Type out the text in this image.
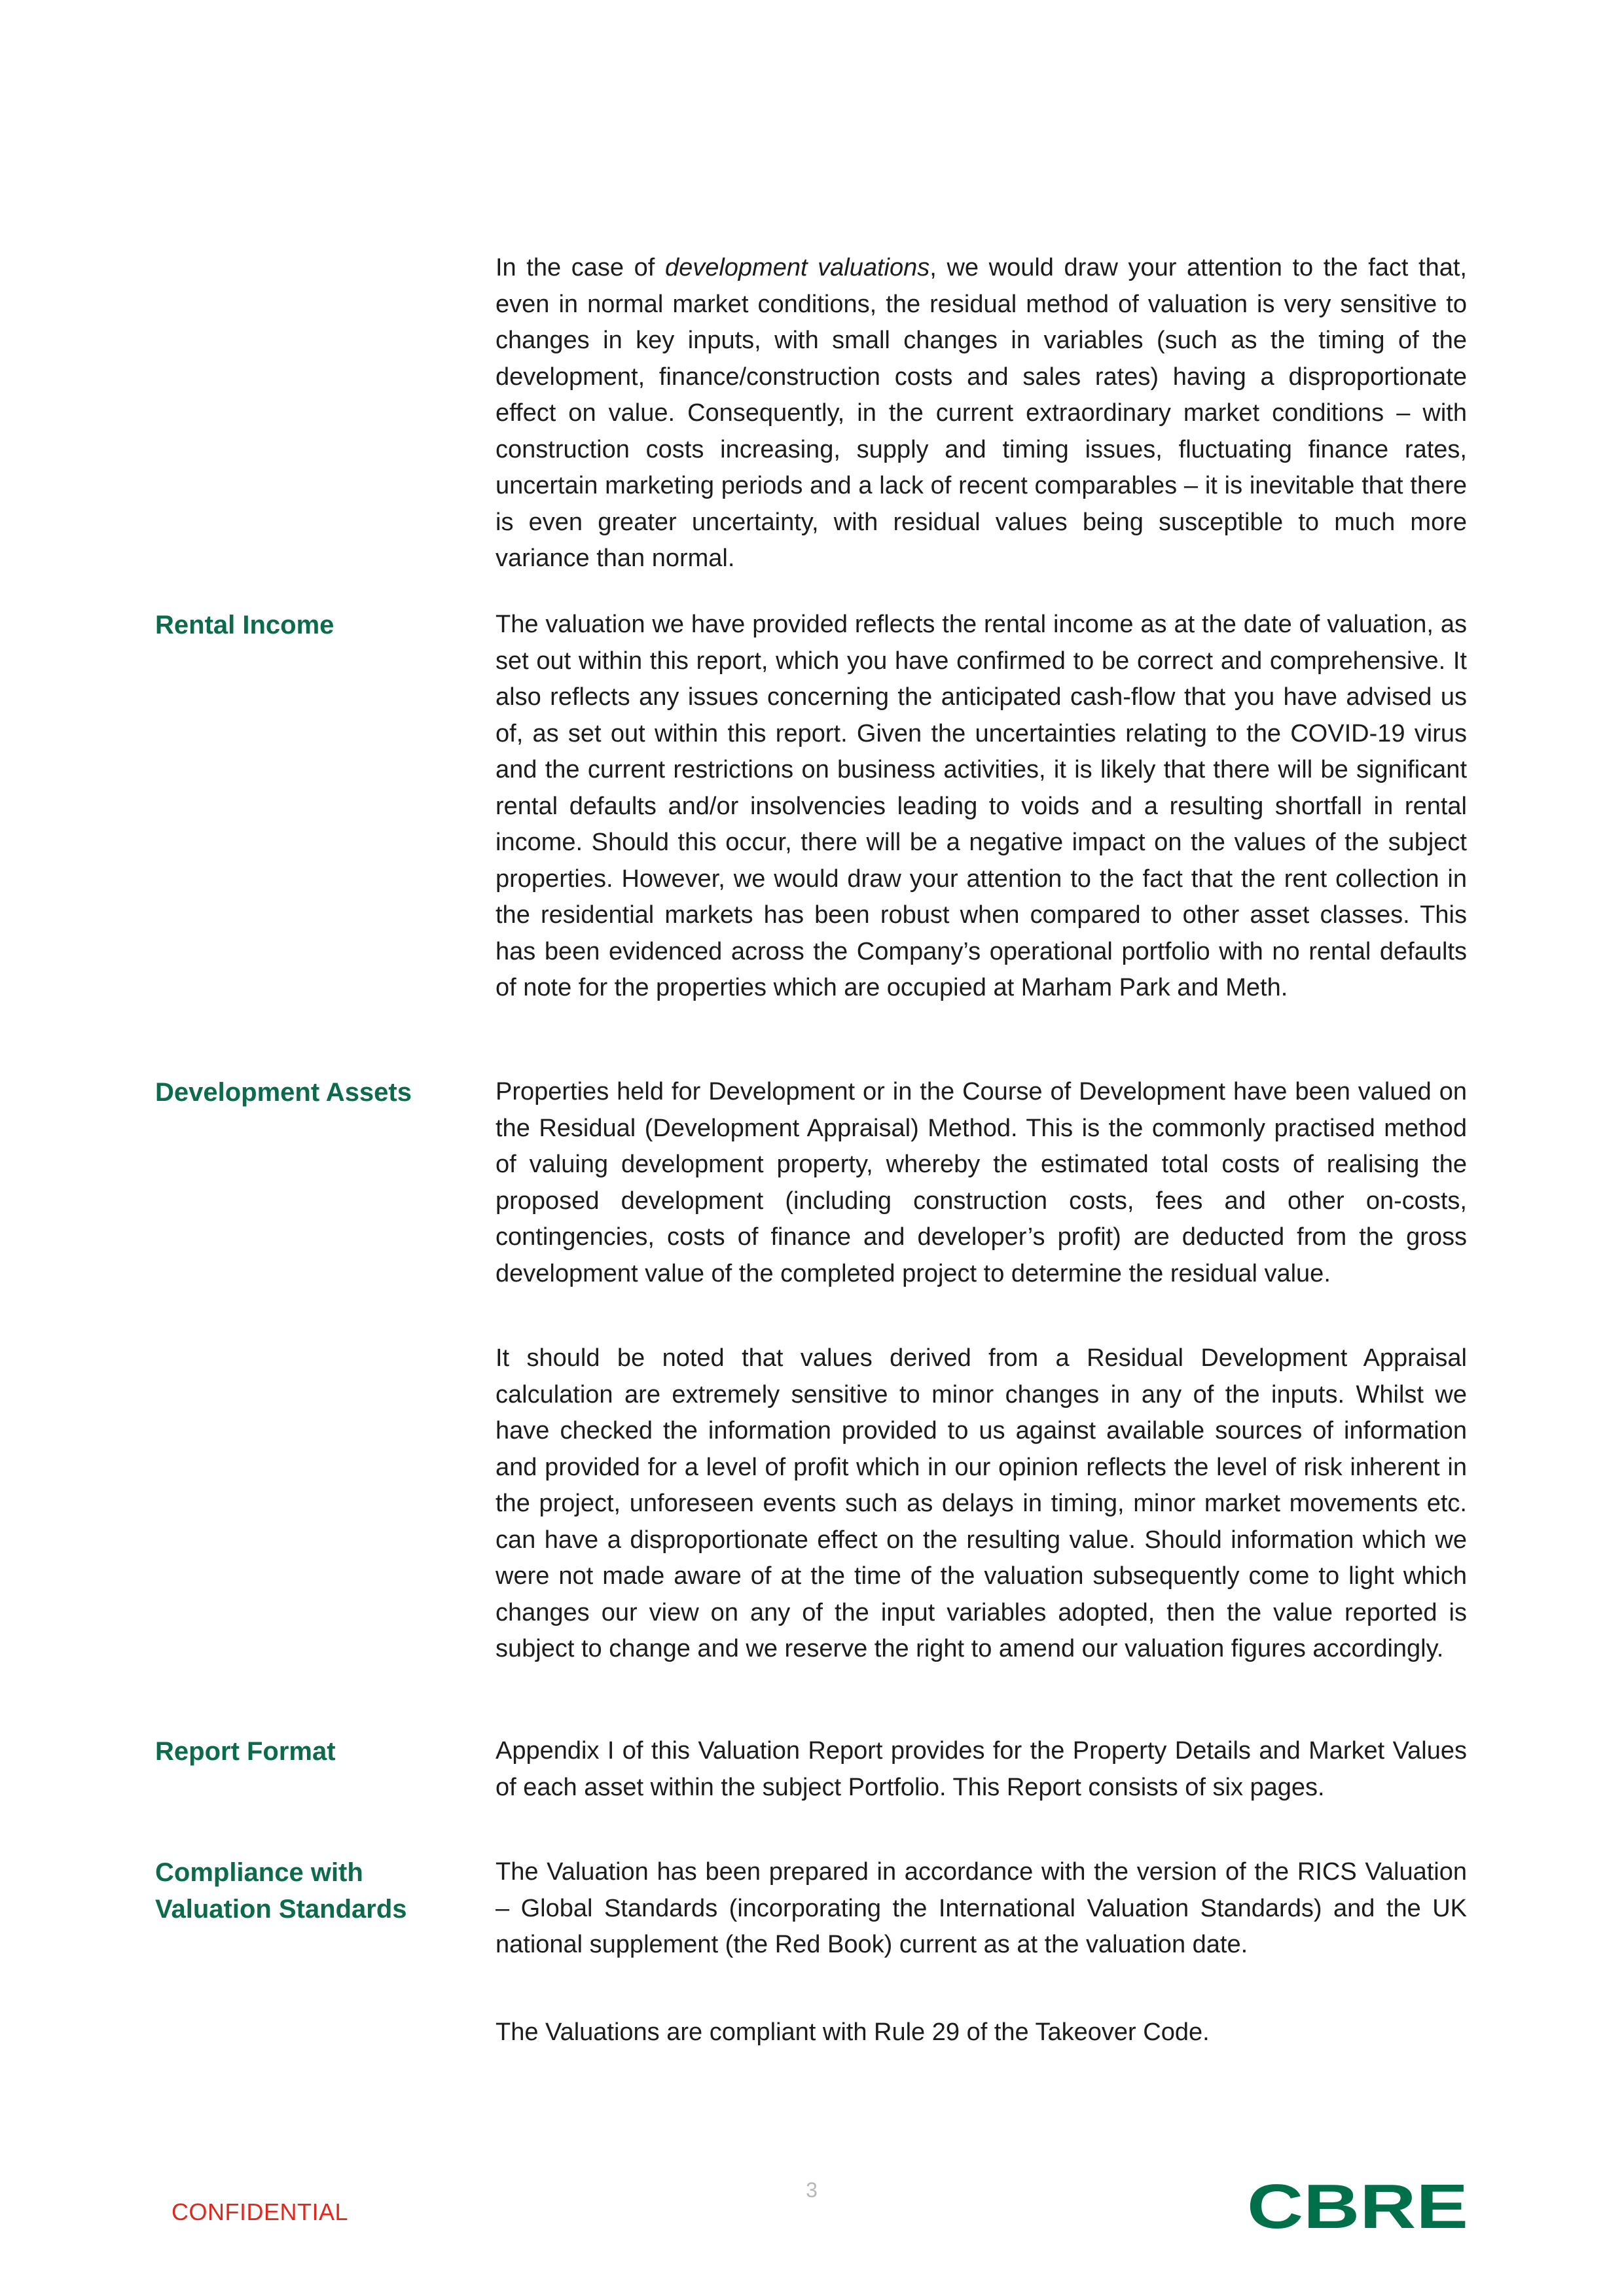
In the case of development valuations, we would draw your attention to the fact that, even in normal market conditions, the residual method of valuation is very sensitive to changes in key inputs, with small changes in variables (such as the timing of the development, finance/construction costs and sales rates) having a disproportionate effect on value. Consequently, in the current extraordinary market conditions – with construction costs increasing, supply and timing issues, fluctuating finance rates, uncertain marketing periods and a lack of recent comparables – it is inevitable that there is even greater uncertainty, with residual values being susceptible to much more variance than normal.

Rental Income	The valuation we have provided reflects the rental income as at the date of valuation, as set out within this report, which you have confirmed to be correct and comprehensive. It also reflects any issues concerning the anticipated cash-flow that you have advised us of, as set out within this report. Given the uncertainties relating to the COVID-19 virus and the current restrictions on business activities, it is likely that there will be significant rental defaults and/or insolvencies leading to voids and a resulting shortfall in rental income. Should this occur, there will be a negative impact on the values of the subject properties. However, we would draw your attention to the fact that the rent collection in the residential markets has been robust when compared to other asset classes. This has been evidenced across the Company’s operational portfolio with no rental defaults of note for the properties which are occupied at Marham Park and Meth.

Development Assets	Properties held for Development or in the Course of Development have been valued on the Residual (Development Appraisal) Method. This is the commonly practised method of valuing development property, whereby the estimated total costs of realising the proposed development (including construction costs, fees and other on-costs, contingencies, costs of finance and developer’s profit) are deducted from the gross development value of the completed project to determine the residual value.

It should be noted that values derived from a Residual Development Appraisal calculation are extremely sensitive to minor changes in any of the inputs. Whilst we have checked the information provided to us against available sources of information and provided for a level of profit which in our opinion reflects the level of risk inherent in the project, unforeseen events such as delays in timing, minor market movements etc. can have a disproportionate effect on the resulting value. Should information which we were not made aware of at the time of the valuation subsequently come to light which changes our view on any of the input variables adopted, then the value reported is subject to change and we reserve the right to amend our valuation figures accordingly.

Report Format	Appendix I of this Valuation Report provides for the Property Details and Market Values of each asset within the subject Portfolio. This Report consists of six pages.

Compliance with Valuation Standards

The Valuation has been prepared in accordance with the version of the RICS Valuation – Global Standards (incorporating the International Valuation Standards) and the UK national supplement (the Red Book) current as at the valuation date.

The Valuations are compliant with Rule 29 of the Takeover Code.

CONFIDENTIAL
3	CBRE
